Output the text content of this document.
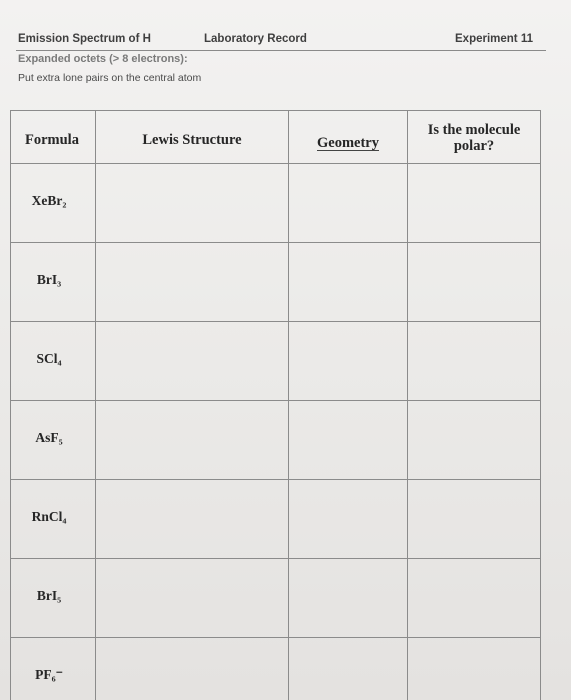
Emission Spectrum of H	Laboratory Record	Experiment 11
Expanded octets (> 8 electrons):
Put extra lone pairs on the central atom
Formula	Lewis Structure	Geometry	Is the molecule
polar?

XeBr₂			
BrI₃			
SCl₄			
AsF₅			
RnCl₄			
BrI₅			
PF₆⁻			
